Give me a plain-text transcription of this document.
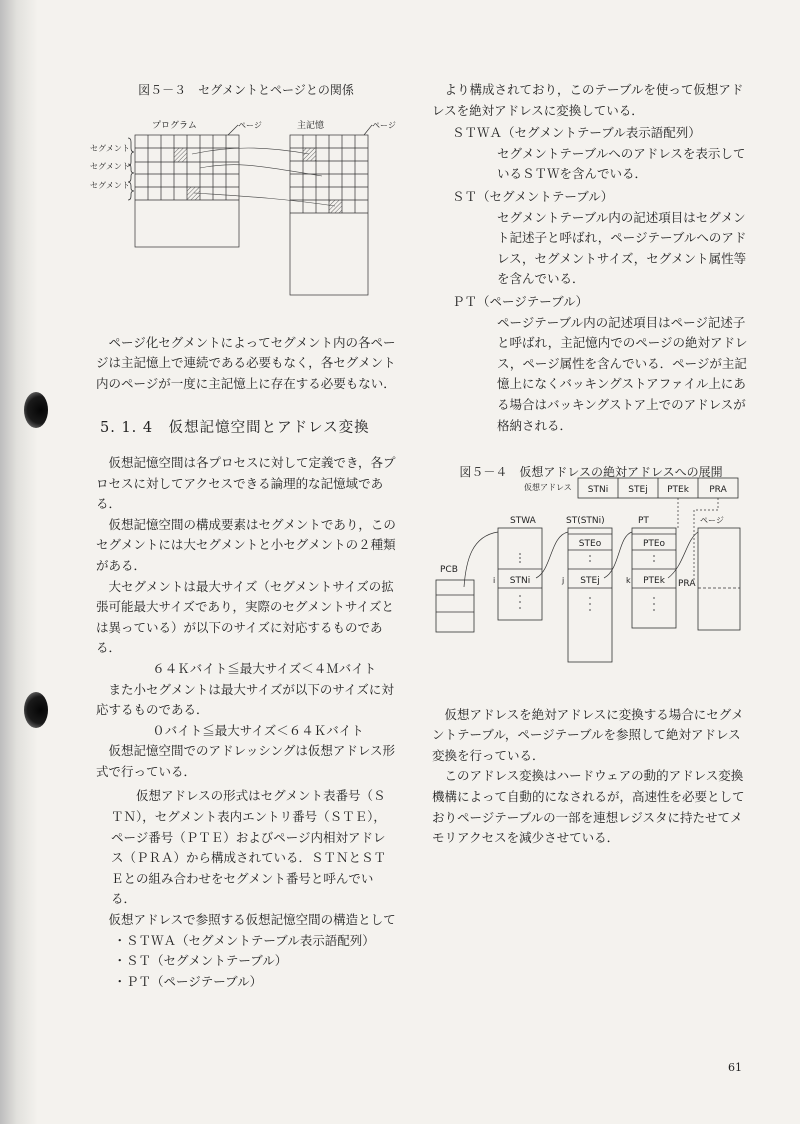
図５－３　セグメントとページとの関係

ページ化セグメントによってセグメント内の各ページは主記憶上で連続である必要もなく，各セグメント内のページが一度に主記憶上に存在する必要もない．

5. 1. 4　仮想記憶空間とアドレス変換

仮想記憶空間は各プロセスに対して定義でき，各プロセスに対してアクセスできる論理的な記憶域である．

仮想記憶空間の構成要素はセグメントであり，このセグメントには大セグメントと小セグメントの２種類がある．

大セグメントは最大サイズ（セグメントサイズの拡張可能最大サイズであり，実際のセグメントサイズとは異っている）が以下のサイズに対応するものである．

６４Ｋバイト≦最大サイズ＜４Ｍバイト

また小セグメントは最大サイズが以下のサイズに対応するものである．

０バイト≦最大サイズ＜６４Ｋバイト

仮想記憶空間でのアドレッシングは仮想アドレス形式で行っている．

仮想アドレスの形式はセグメント表番号（ＳＴＮ），セグメント表内エントリ番号（ＳＴＥ），ページ番号（ＰＴＥ）およびページ内相対アドレス（ＰＲＡ）から構成されている．ＳＴＮとＳＴＥとの組み合わせをセグメント番号と呼んでいる．

仮想アドレスで参照する仮想記憶空間の構造として

・ＳＴＷＡ（セグメントテーブル表示語配列）

・ＳＴ（セグメントテーブル）

・ＰＴ（ページテーブル）

セグメント
セグメント
セグメント
プログラム	ページ	主記憶	ページ

より構成されており，このテーブルを使って仮想アドレスを絶対アドレスに変換している．

ＳＴＷＡ（セグメントテーブル表示語配列）

セグメントテーブルへのアドレスを表示しているＳＴＷを含んでいる．

ＳＴ（セグメントテーブル）

セグメントテーブル内の記述項目はセグメント記述子と呼ばれ，ページテーブルへのアドレス，セグメントサイズ，セグメント属性等を含んでいる．

ＰＴ（ページテーブル）

ページテーブル内の記述項目はページ記述子と呼ばれ，主記憶内でのページの絶対アドレス，ページ属性を含んでいる．ページが主記憶上になくバッキングストアファイル上にある場合はバッキングストア上でのアドレスが格納される．

図５－４　仮想アドレスの絶対アドレスへの展開

仮想アドレスを絶対アドレスに変換する場合にセグメントテーブル，ページテーブルを参照して絶対アドレス変換を行っている．

このアドレス変換はハードウェアの動的アドレス変換機構によって自動的になされるが，高速性を必要としておりページテーブルの一部を連想レジスタに持たせてメモリアクセスを減少させている．

仮想アドレス STNi STEj PTEk PRA
STWA	ST(STNi)	PT	ページ
PCB
STNi
STEo
STEj
PTEo
PTEk
i	j	k	PRA
61
